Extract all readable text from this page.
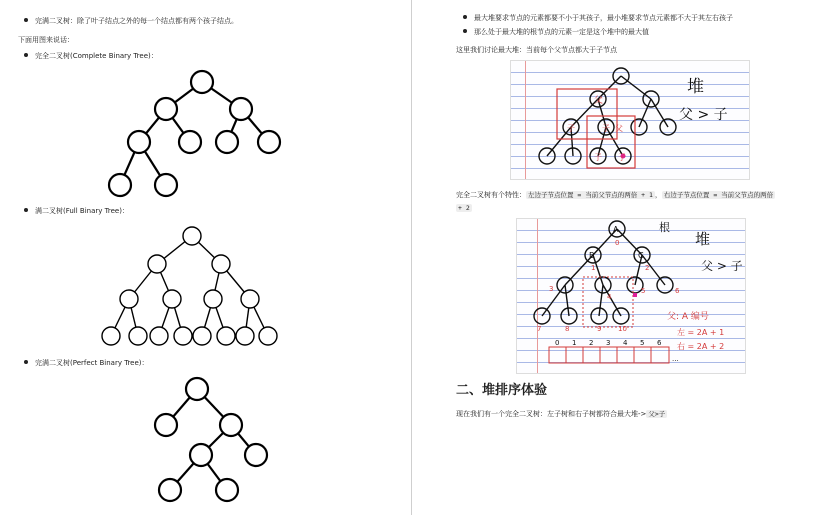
完满二叉树：除了叶子结点之外的每一个结点都有两个孩子结点。
下面用图来说话：
完全二叉树(Complete Binary Tree)：
满二叉树(Full Binary Tree)：
完满二叉树(Perfect Binary Tree)：
最大堆要求节点的元素都要不小于其孩子，最小堆要求节点元素都不大于其左右孩子
那么处于最大堆的根节点的元素一定是这个堆中的最大值
这里我们讨论最大堆：当前每个父节点都大于子节点
父
子	子 父
子 子
堆
父 > 子
完全二叉树有个特性： 左边子节点位置 = 当前父节点的两倍 + 1 ， 右边子节点位置 = 当前父节点的两倍
+ 2
A
B	C
0
1	2
3
4
5	6
7	8	9 10
根
堆
父 > 子
父: A 编号
左 = 2A + 1
右 = 2A + 2
0 1 2 3 4 5 6
...
二、堆排序体验
现在我们有一个完全二叉树：左子树和右子树都符合最大堆-> 父>子
